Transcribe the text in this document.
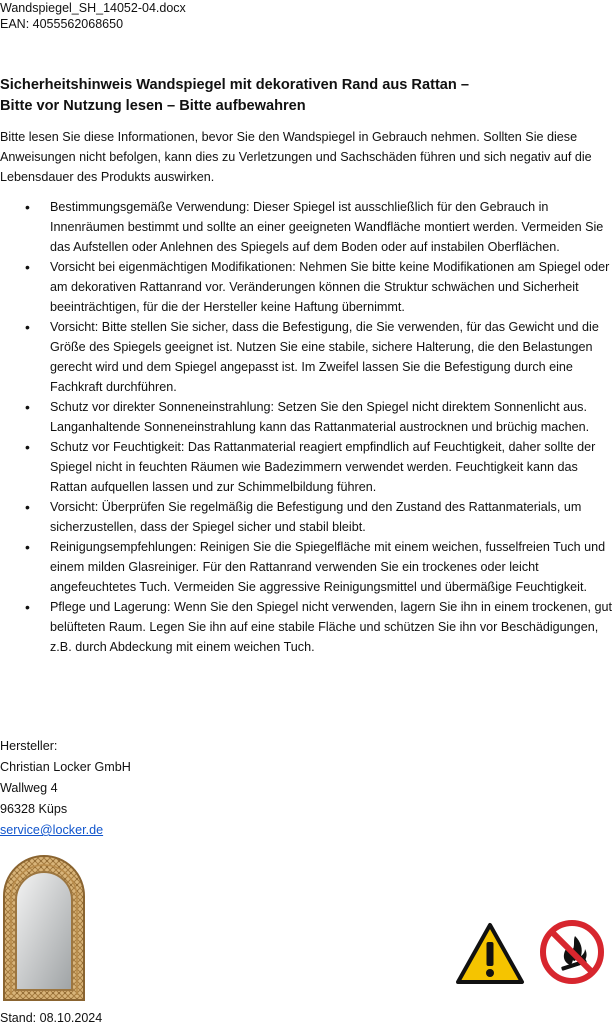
Wandspiegel_SH_14052-04.docx
EAN: 4055562068650
Sicherheitshinweis Wandspiegel mit dekorativen Rand aus Rattan –
Bitte vor Nutzung lesen – Bitte aufbewahren
Bitte lesen Sie diese Informationen, bevor Sie den Wandspiegel in Gebrauch nehmen. Sollten Sie diese Anweisungen nicht befolgen, kann dies zu Verletzungen und Sachschäden führen und sich negativ auf die Lebensdauer des Produkts auswirken.
• Bestimmungsgemäße Verwendung: Dieser Spiegel ist ausschließlich für den Gebrauch in Innenräumen bestimmt und sollte an einer geeigneten Wandfläche montiert werden. Vermeiden Sie das Aufstellen oder Anlehnen des Spiegels auf dem Boden oder auf instabilen Oberflächen.
• Vorsicht bei eigenmächtigen Modifikationen: Nehmen Sie bitte keine Modifikationen am Spiegel oder am dekorativen Rattanrand vor. Veränderungen können die Struktur schwächen und Sicherheit beeinträchtigen, für die der Hersteller keine Haftung übernimmt.
• Vorsicht: Bitte stellen Sie sicher, dass die Befestigung, die Sie verwenden, für das Gewicht und die Größe des Spiegels geeignet ist. Nutzen Sie eine stabile, sichere Halterung, die den Belastungen gerecht wird und dem Spiegel angepasst ist. Im Zweifel lassen Sie die Befestigung durch eine Fachkraft durchführen.
• Schutz vor direkter Sonneneinstrahlung: Setzen Sie den Spiegel nicht direktem Sonnenlicht aus. Langanhaltende Sonneneinstrahlung kann das Rattanmaterial austrocknen und brüchig machen.
• Schutz vor Feuchtigkeit: Das Rattanmaterial reagiert empfindlich auf Feuchtigkeit, daher sollte der Spiegel nicht in feuchten Räumen wie Badezimmern verwendet werden. Feuchtigkeit kann das Rattan aufquellen lassen und zur Schimmelbildung führen.
• Vorsicht: Überprüfen Sie regelmäßig die Befestigung und den Zustand des Rattanmaterials, um sicherzustellen, dass der Spiegel sicher und stabil bleibt.
• Reinigungsempfehlungen: Reinigen Sie die Spiegelfläche mit einem weichen, fusselfreien Tuch und einem milden Glasreiniger. Für den Rattanrand verwenden Sie ein trockenes oder leicht angefeuchtetes Tuch. Vermeiden Sie aggressive Reinigungsmittel und übermäßige Feuchtigkeit.
• Pflege und Lagerung: Wenn Sie den Spiegel nicht verwenden, lagern Sie ihn in einem trockenen, gut belüfteten Raum. Legen Sie ihn auf eine stabile Fläche und schützen Sie ihn vor Beschädigungen, z.B. durch Abdeckung mit einem weichen Tuch.
Hersteller:
Christian Locker GmbH
Wallweg 4
96328 Küps
service@locker.de
Stand: 08.10.2024
